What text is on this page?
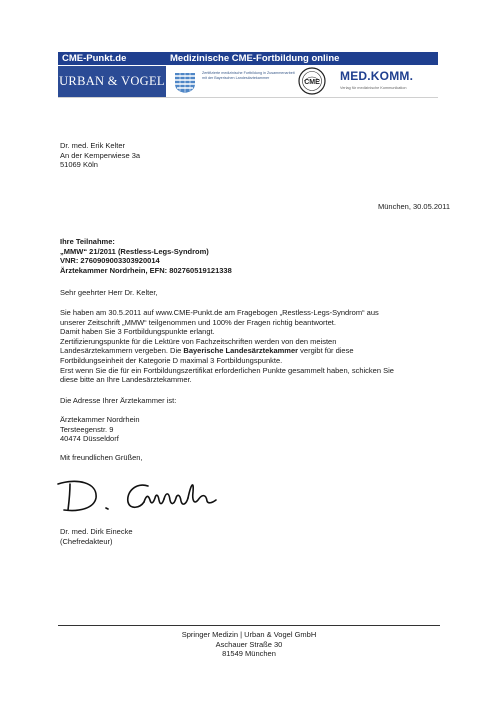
CME-Punkt.de	Medizinische CME-Fortbildung online
URBAN & VOGEL
Zertifizierte medizinische Fortbildung in Zusammenarbeit mit der Bayerischen Landesärztekammer
CME MED.KOMM.
Verlag für medizinische Kommunikation
Dr. med. Erik Kelter
An der Kemperwiese 3a
51069 Köln
München, 30.05.2011
Ihre Teilnahme:
„MMW“ 21/2011 (Restless-Legs-Syndrom)
VNR: 2760909003303920014
Ärztekammer Nordrhein, EFN: 802760519121338
Sehr geehrter Herr Dr. Kelter,
Sie haben am 30.5.2011 auf www.CME-Punkt.de am Fragebogen „Restless-Legs-Syndrom“ aus
unserer Zeitschrift „MMW“ teilgenommen und 100% der Fragen richtig beantwortet.
Damit haben Sie 3 Fortbildungspunkte erlangt.
Zertifizierungspunkte für die Lektüre von Fachzeitschriften werden von den meisten
Landesärztekammern vergeben. Die Bayerische Landesärztekammer vergibt für diese
Fortbildungseinheit der Kategorie D maximal 3 Fortbildungspunkte.
Erst wenn Sie die für ein Fortbildungszertifikat erforderlichen Punkte gesammelt haben, schicken Sie
diese bitte an Ihre Landesärztekammer.
Die Adresse Ihrer Ärztekammer ist:
Ärztekammer Nordrhein
Tersteegenstr. 9
40474 Düsseldorf
Mit freundlichen Grüßen,
Dr. med. Dirk Einecke
(Chefredakteur)
Springer Medizin | Urban & Vogel GmbH
Aschauer Straße 30
81549 München
